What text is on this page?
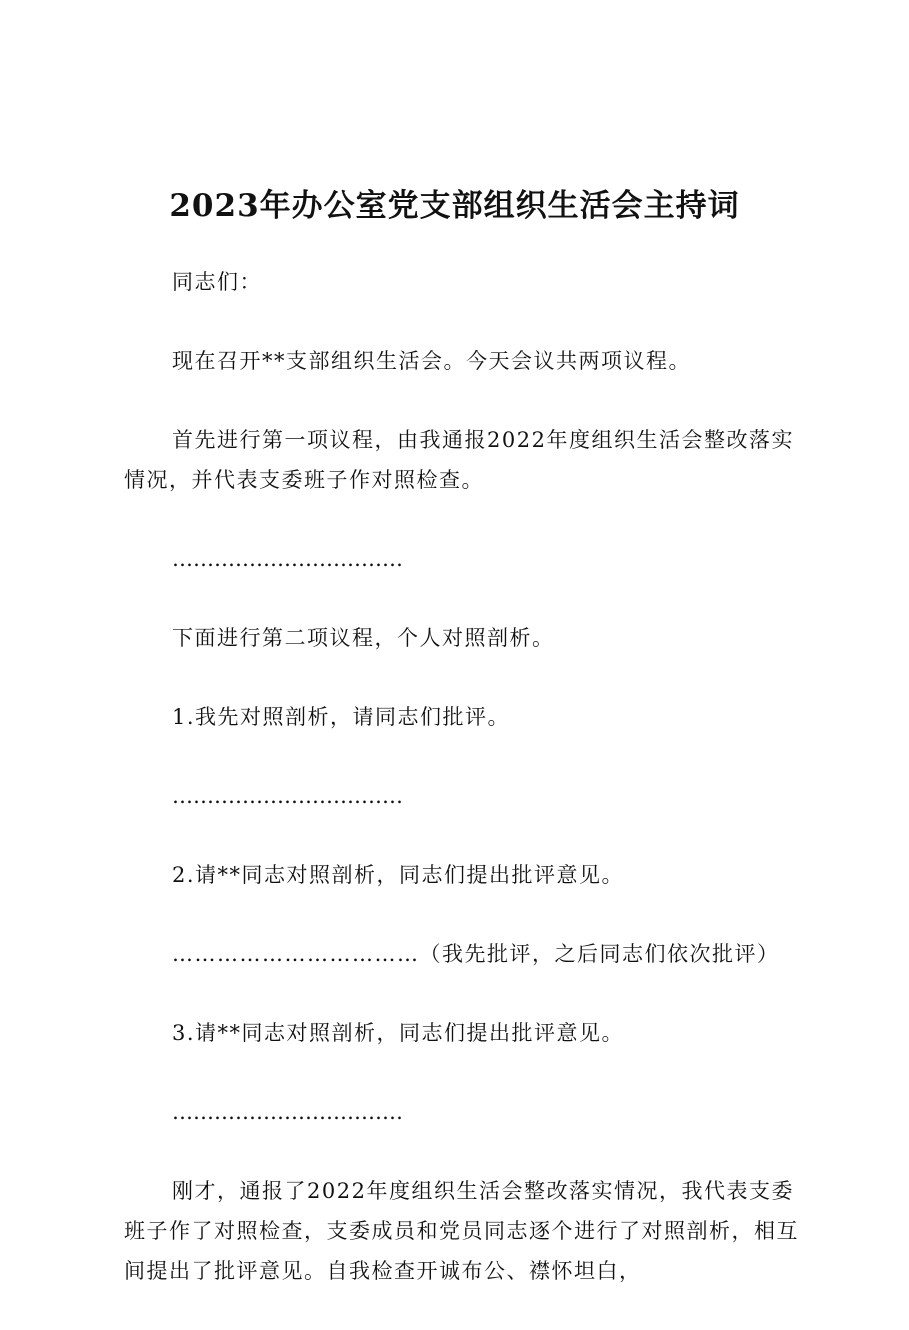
2023年办公室党支部组织生活会主持词

同志们：

现在召开**支部组织生活会。今天会议共两项议程。

首先进行第一项议程，由我通报2022年度组织生活会整改落实情况，并代表支委班子作对照检查。

……………………………

下面进行第二项议程，个人对照剖析。

1.我先对照剖析，请同志们批评。

……………………………

2.请**同志对照剖析，同志们提出批评意见。

……………………………（我先批评，之后同志们依次批评）

3.请**同志对照剖析，同志们提出批评意见。

……………………………

刚才，通报了2022年度组织生活会整改落实情况，我代表支委班子作了对照检查，支委成员和党员同志逐个进行了对照剖析，相互间提出了批评意见。自我检查开诚布公、襟怀坦白，
